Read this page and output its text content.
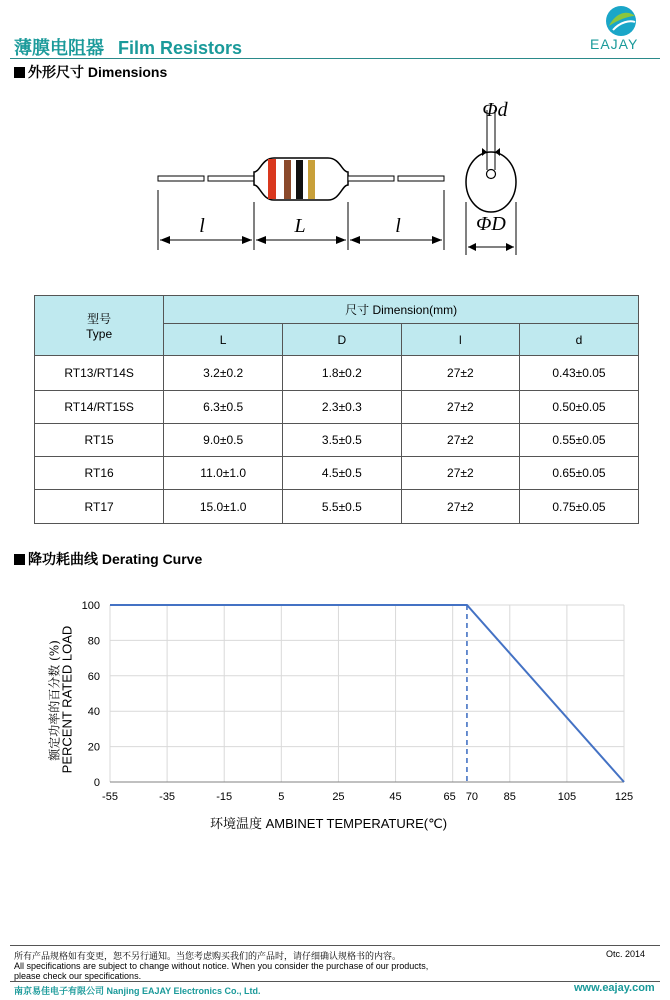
薄膜电阻器 Film Resistors	EAJAY
外形尺寸 Dimensions
l	L	l
Φd
ΦD
型号
Type	尺寸 Dimension(mm)			
	L	D	l	d
RT13/RT14S	3.2±0.2	1.8±0.2	27±2	0.43±0.05
RT14/RT15S	6.3±0.5	2.3±0.3	27±2	0.50±0.05
RT15	9.0±0.5	3.5±0.5	27±2	0.55±0.05
RT16	11.0±1.0	4.5±0.5	27±2	0.65±0.05
RT17	15.0±1.0	5.5±0.5	27±2	0.75±0.05
降功耗曲线 Derating Curve
0
20
40
60
80
100
-55	-35	-15	5	25	45	65 70 85	105	125
额定功率的百分数 (%)
PERCENT RATED LOAD
环境温度 AMBINET TEMPERATURE(℃)
所有产品规格如有变更，恕不另行通知。当您考虑购买我们的产品时，请仔细确认规格书的内容。
All specifications are subject to change without notice. When you consider the purchase of our products,
please check our specifications.
Otc. 2014
南京易佳电子有限公司 Nanjing EAJAY Electronics Co., Ltd.	www.eajay.com
